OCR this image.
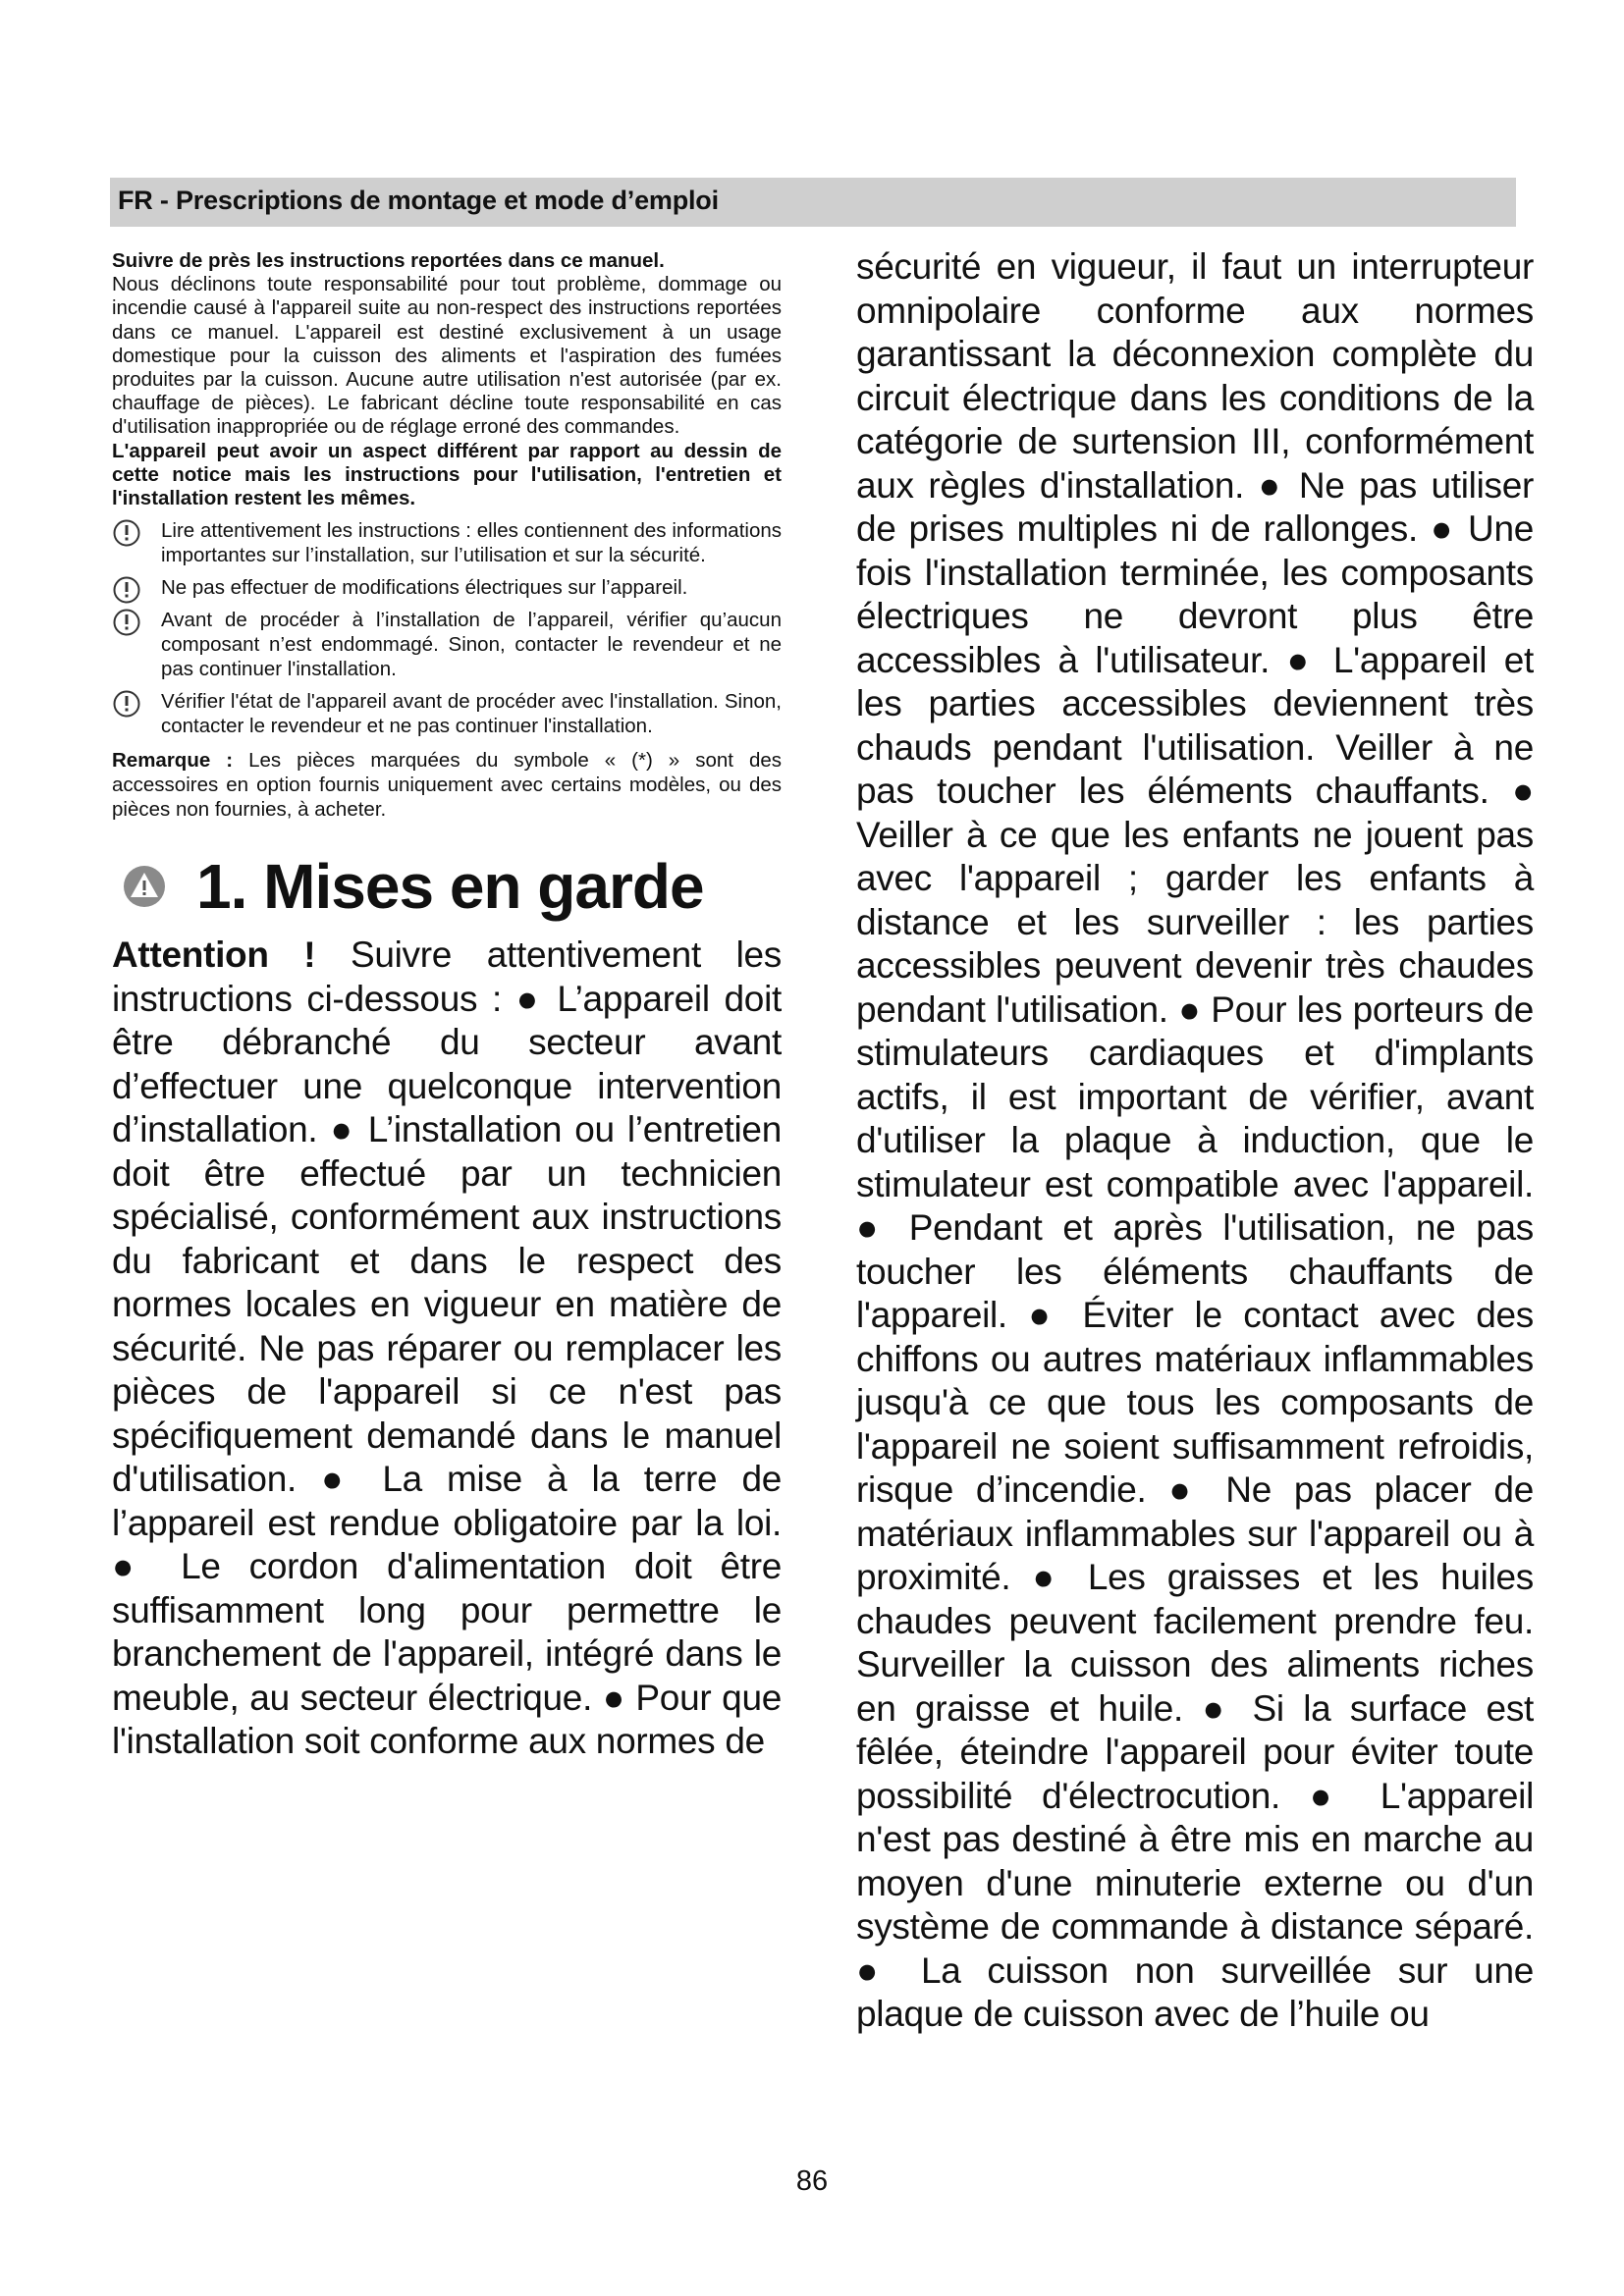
FR - Prescriptions de montage et mode d’emploi

Suivre de près les instructions reportées dans ce manuel.

Nous déclinons toute responsabilité pour tout problème, dommage ou incendie causé à l'appareil suite au non-respect des instructions reportées dans ce manuel. L'appareil est destiné exclusivement à un usage domestique pour la cuisson des aliments et l'aspiration des fumées produites par la cuisson. Aucune autre utilisation n'est autorisée (par ex. chauffage de pièces). Le fabricant décline toute responsabilité en cas d'utilisation inappropriée ou de réglage erroné des commandes.

L'appareil peut avoir un aspect différent par rapport au dessin de cette notice mais les instructions pour l'utilisation, l'entretien et l'installation restent les mêmes.

Lire attentivement les instructions : elles contiennent des informations importantes sur l’installation, sur l’utilisation et sur la sécurité.
Ne pas effectuer de modifications électriques sur l’appareil.
Avant de procéder à l’installation de l’appareil, vérifier qu’aucun composant n’est endommagé. Sinon, contacter le revendeur et ne pas continuer l'installation.
Vérifier l'état de l'appareil avant de procéder avec l'installation. Sinon, contacter le revendeur et ne pas continuer l'installation.

Remarque : Les pièces marquées du symbole « (*) » sont des accessoires en option fournis uniquement avec certains modèles, ou des pièces non fournies, à acheter.

1. Mises en garde

Attention ! Suivre attentivement les instructions ci-dessous : ● L’appareil doit être débranché du secteur avant d’effectuer une quelconque intervention d’installation. ● L’installation ou l’entretien doit être effectué par un technicien spécialisé, conformément aux instructions du fabricant et dans le respect des normes locales en vigueur en matière de sécurité. Ne pas réparer ou remplacer les pièces de l'appareil si ce n'est pas spécifiquement demandé dans le manuel d'utilisation. ● La mise à la terre de l’appareil est rendue obligatoire par la loi. ● Le cordon d'alimentation doit être suffisamment long pour permettre le branchement de l'appareil, intégré dans le meuble, au secteur électrique. ● Pour que l'installation soit conforme aux normes de

sécurité en vigueur, il faut un interrupteur omnipolaire conforme aux normes garantissant la déconnexion complète du circuit électrique dans les conditions de la catégorie de surtension III, conformément aux règles d'installation. ● Ne pas utiliser de prises multiples ni de rallonges. ● Une fois l'installation terminée, les composants électriques ne devront plus être accessibles à l'utilisateur. ● L'appareil et les parties accessibles deviennent très chauds pendant l'utilisation. Veiller à ne pas toucher les éléments chauffants. ● Veiller à ce que les enfants ne jouent pas avec l'appareil ; garder les enfants à distance et les surveiller : les parties accessibles peuvent devenir très chaudes pendant l'utilisation. ● Pour les porteurs de stimulateurs cardiaques et d'implants actifs, il est important de vérifier, avant d'utiliser la plaque à induction, que le stimulateur est compatible avec l'appareil. ● Pendant et après l'utilisation, ne pas toucher les éléments chauffants de l'appareil. ● Éviter le contact avec des chiffons ou autres matériaux inflammables jusqu'à ce que tous les composants de l'appareil ne soient suffisamment refroidis, risque d’incendie. ● Ne pas placer de matériaux inflammables sur l'appareil ou à proximité. ● Les graisses et les huiles chaudes peuvent facilement prendre feu. Surveiller la cuisson des aliments riches en graisse et huile. ● Si la surface est fêlée, éteindre l'appareil pour éviter toute possibilité d'électrocution. ● L'appareil n'est pas destiné à être mis en marche au moyen d'une minuterie externe ou d'un système de commande à distance séparé. ● La cuisson non surveillée sur une plaque de cuisson avec de l’huile ou

86
